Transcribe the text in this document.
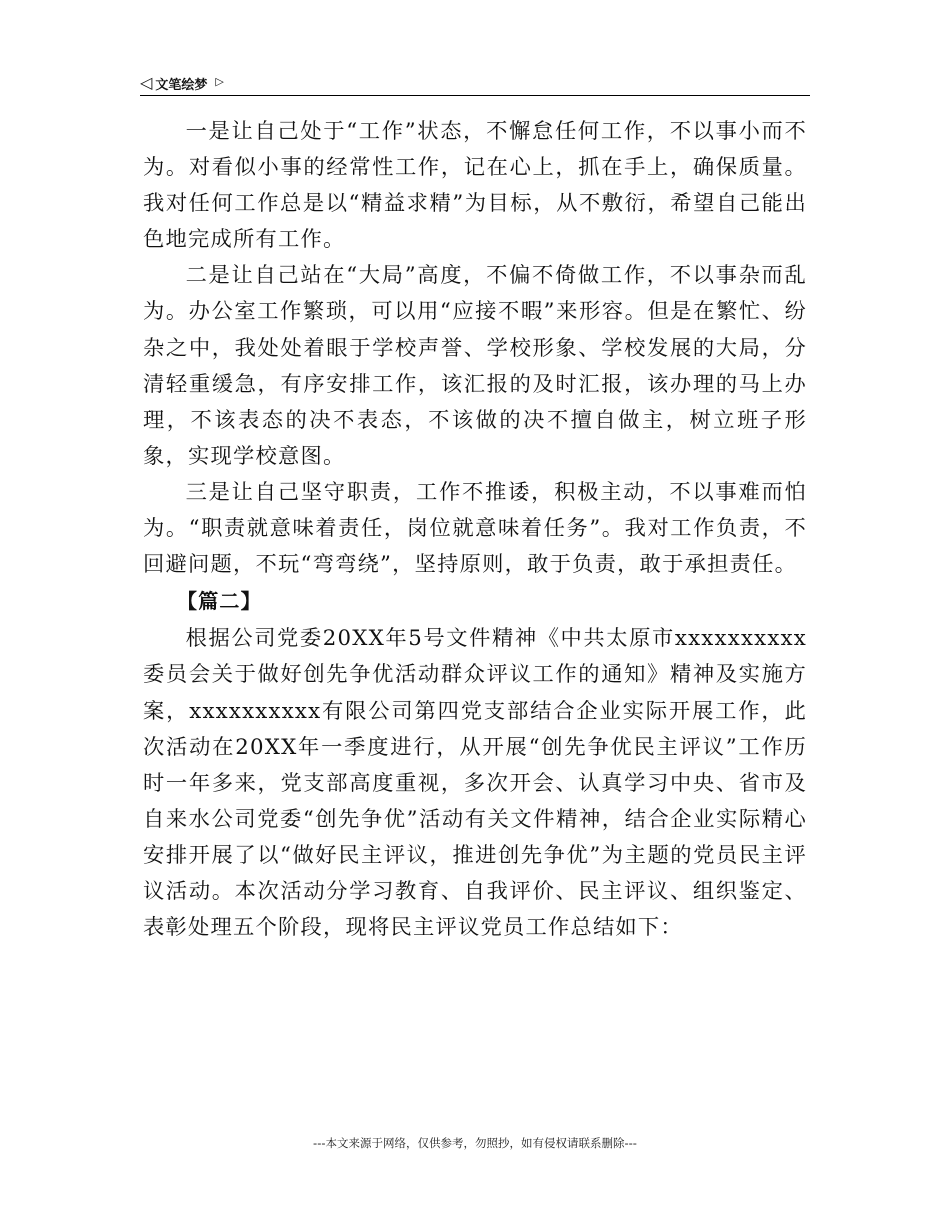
◁ 文笔绘梦 ▷

一是让自己处于“工作”状态，不懈怠任何工作，不以事小而不为。对看似小事的经常性工作，记在心上，抓在手上，确保质量。我对任何工作总是以“精益求精”为目标，从不敷衍，希望自己能出色地完成所有工作。

二是让自己站在“大局”高度，不偏不倚做工作，不以事杂而乱为。办公室工作繁琐，可以用“应接不暇”来形容。但是在繁忙、纷杂之中，我处处着眼于学校声誉、学校形象、学校发展的大局，分清轻重缓急，有序安排工作，该汇报的及时汇报，该办理的马上办理，不该表态的决不表态，不该做的决不擅自做主，树立班子形象，实现学校意图。

三是让自己坚守职责，工作不推诿，积极主动，不以事难而怕为。“职责就意味着责任，岗位就意味着任务”。我对工作负责，不回避问题，不玩“弯弯绕”，坚持原则，敢于负责，敢于承担责任。

【篇二】

根据公司党委20XX年5号文件精神《中共太原市xxxxxxxxxx委员会关于做好创先争优活动群众评议工作的通知》精神及实施方案，xxxxxxxxxx有限公司第四党支部结合企业实际开展工作，此次活动在20XX年一季度进行，从开展“创先争优民主评议”工作历时一年多来，党支部高度重视，多次开会、认真学习中央、省市及自来水公司党委“创先争优”活动有关文件精神，结合企业实际精心安排开展了以“做好民主评议，推进创先争优”为主题的党员民主评议活动。本次活动分学习教育、自我评价、民主评议、组织鉴定、表彰处理五个阶段，现将民主评议党员工作总结如下：

---本文来源于网络，仅供参考，勿照抄，如有侵权请联系删除---
